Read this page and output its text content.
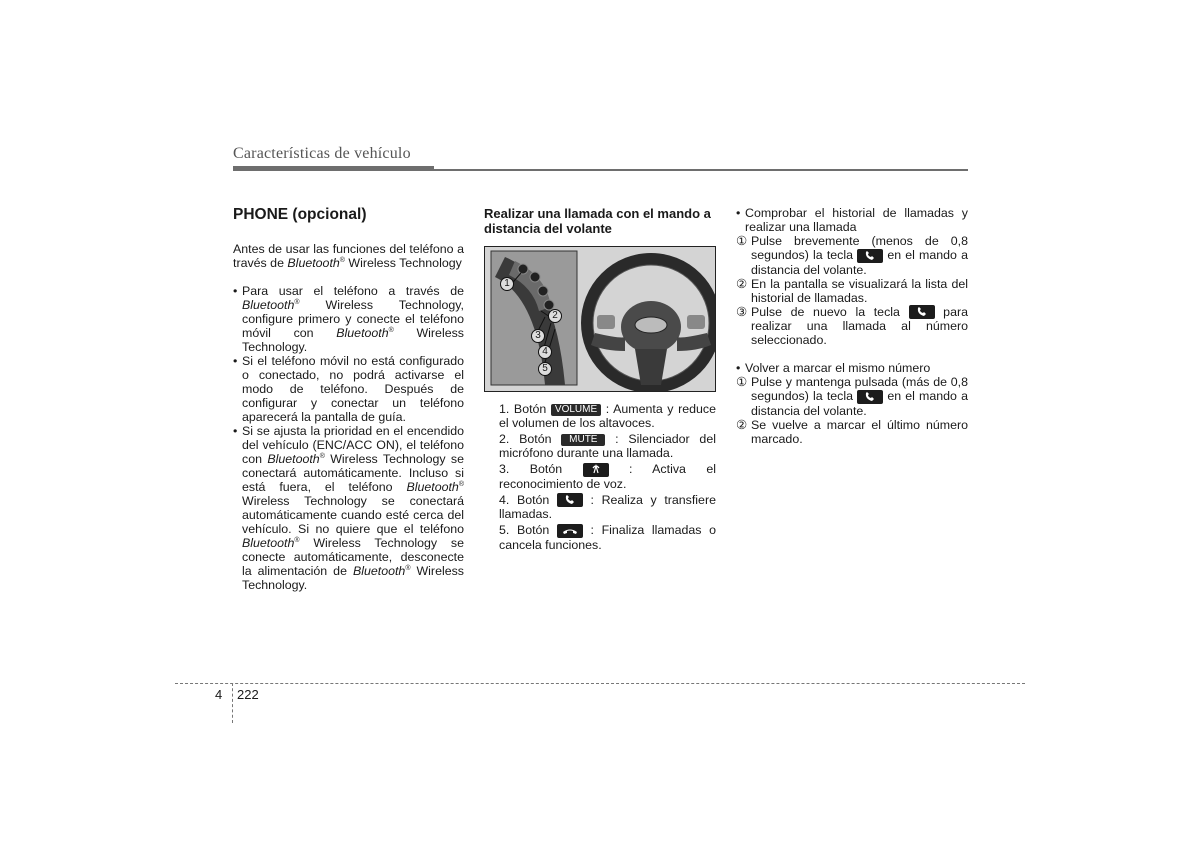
Características de vehículo
PHONE (opcional)

Antes de usar las funciones del teléfono a través de Bluetooth® Wireless Technology

• Para usar el teléfono a través de Bluetooth® Wireless Technology, configure primero y conecte el teléfono móvil con Bluetooth® Wireless Technology.
• Si el teléfono móvil no está configurado o conectado, no podrá activarse el modo de teléfono. Después de configurar y conectar un teléfono aparecerá la pantalla de guía.
• Si se ajusta la prioridad en el encendido del vehículo (ENC/ACC ON), el teléfono con Bluetooth® Wireless Technology se conectará automáticamente. Incluso si está fuera, el teléfono Bluetooth® Wireless Technology se conectará automáticamente cuando esté cerca del vehículo. Si no quiere que el teléfono Bluetooth® Wireless Technology se conecte automáticamente, desconecte la alimentación de Bluetooth® Wireless Technology.
Realizar una llamada con el mando a distancia del volante
1
2
3
4
5
1. Botón VOLUME : Aumenta y reduce el volumen de los altavoces.
2. Botón MUTE : Silenciador del micrófono durante una llamada.
3. Botón	: Activa el reconocimiento de voz.
4. Botón	: Realiza y transfiere llamadas.
5. Botón	: Finaliza llamadas o cancela funciones.
• Comprobar el historial de llamadas y realizar una llamada
① Pulse brevemente (menos de 0,8 segundos) la tecla
en el mando a distancia del volante.
② En la pantalla se visualizará la lista del historial de llamadas.
③ Pulse de nuevo la tecla
para realizar una llamada al número seleccionado.
• Volver a marcar el mismo número
① Pulse y mantenga pulsada (más de 0,8 segundos) la tecla
en el mando a distancia del volante.
② Se vuelve a marcar el último número marcado.
4 222
